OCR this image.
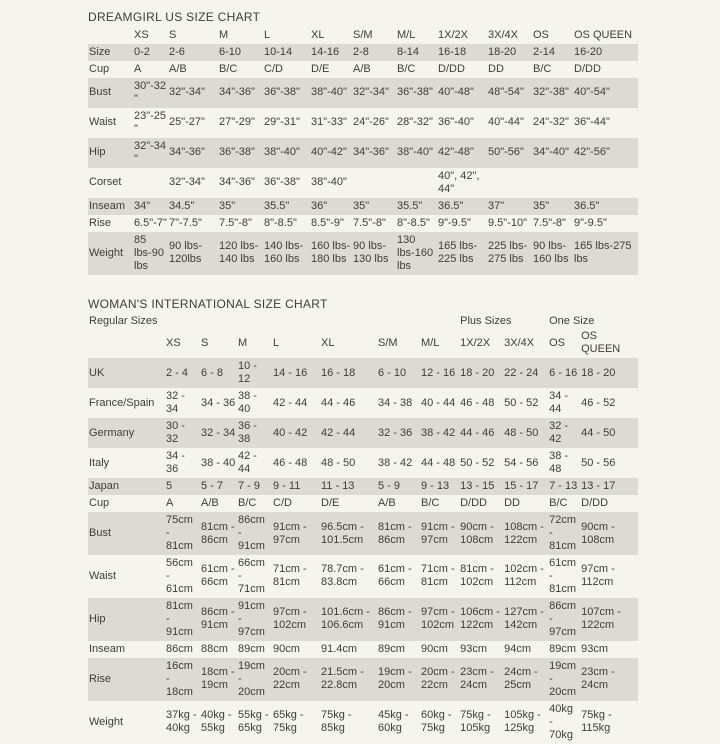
DREAMGIRL US SIZE CHART
	XS	S	M	L	XL	S/M	M/L	1X/2X	3X/4X	OS	OS QUEEN
Size	0-2	2-6	6-10	10-14	14-16	2-8	8-14	16-18	18-20	2-14	16-20
Cup	A	A/B	B/C	C/D	D/E	A/B	B/C	D/DD	DD	B/C	D/DD
Bust	30"-32"	32"-34"	34"-36"	36"-38"	38"-40"	32"-34"	36"-38"	40"-48"	48"-54"	32"-38"	40"-54"
Waist	23"-25"	25"-27"	27"-29"	29"-31"	31"-33"	24"-26"	28"-32"	36"-40"	40"-44"	24"-32"	36"-44"
Hip	32"-34"	34"-36"	36"-38"	38"-40"	40"-42"	34"-36"	38"-40"	42"-48"	50"-56"	34"-40"	42"-56"
Corset		32"-34"	34"-36"	36"-38"	38"-40"			40", 42", 44"			
Inseam	34"	34.5"	35"	35.5"	36"	35"	35.5"	36.5"	37"	35"	36.5"
Rise	6.5"-7"	7"-7.5"	7.5"-8"	8"-8.5"	8.5"-9"	7.5"-8"	8"-8.5"	9"-9.5"	9.5"-10"	7.5"-8"	9"-9.5"
Weight	85 lbs-90 lbs	90 lbs-120lbs	120 lbs-140 lbs	140 lbs-160 lbs	160 lbs-180 lbs	90 lbs-130 lbs	130 lbs-160 lbs	165 lbs-225 lbs	225 lbs-275 lbs	90 lbs-160 lbs	165 lbs-275 lbs
WOMAN'S INTERNATIONAL SIZE CHART
Regular Sizes								Plus Sizes		One Size	
	XS	S	M	L	XL	S/M	M/L	1X/2X	3X/4X	OS	OS QUEEN
UK	2 - 4	6 - 8	10 - 12	14 - 16	16 - 18	6 - 10	12 - 16	18 - 20	22 - 24	6 - 16	18 - 20
France/Spain	32 - 34	34 - 36	38 - 40	42 - 44	44 - 46	34 - 38	40 - 44	46 - 48	50 - 52	34 - 44	46 - 52
Germany	30 - 32	32 - 34	36 - 38	40 - 42	42 - 44	32 - 36	38 - 42	44 - 46	48 - 50	32 - 42	44 - 50
Italy	34 - 36	38 - 40	42 - 44	46 - 48	48 - 50	38 - 42	44 - 48	50 - 52	54 - 56	38 - 48	50 - 56
Japan	5	5 - 7	7 - 9	9 - 11	11 - 13	5 - 9	9 - 13	13 - 15	15 - 17	7 - 13	13 - 17
Cup	A	A/B	B/C	C/D	D/E	A/B	B/C	D/DD	DD	B/C	D/DD
Bust	75cm - 81cm	81cm - 86cm	86cm - 91cm	91cm - 97cm	96.5cm - 101.5cm	81cm - 86cm	91cm - 97cm	90cm - 108cm	108cm - 122cm	72cm - 81cm	90cm - 108cm
Waist	56cm - 61cm	61cm - 66cm	66cm - 71cm	71cm - 81cm	78.7cm - 83.8cm	61cm - 66cm	71cm - 81cm	81cm - 102cm	102cm - 112cm	61cm - 81cm	97cm - 112cm
Hip	81cm - 91cm	86cm - 91cm	91cm - 97cm	97cm - 102cm	101.6cm - 106.6cm	86cm - 91cm	97cm - 102cm	106cm - 122cm	127cm - 142cm	86cm - 97cm	107cm - 122cm
Inseam	86cm	88cm	89cm	90cm	91.4cm	89cm	90cm	93cm	94cm	89cm	93cm
Rise	16cm - 18cm	18cm - 19cm	19cm - 20cm	20cm - 22cm	21.5cm - 22.8cm	19cm - 20cm	20cm - 22cm	23cm - 24cm	24cm - 25cm	19cm - 20cm	23cm - 24cm
Weight	37kg - 40kg	40kg - 55kg	55kg - 65kg	65kg - 75kg	75kg - 85kg	45kg - 60kg	60kg - 75kg	75kg - 105kg	105kg - 125kg	40kg - 70kg	75kg - 115kg
